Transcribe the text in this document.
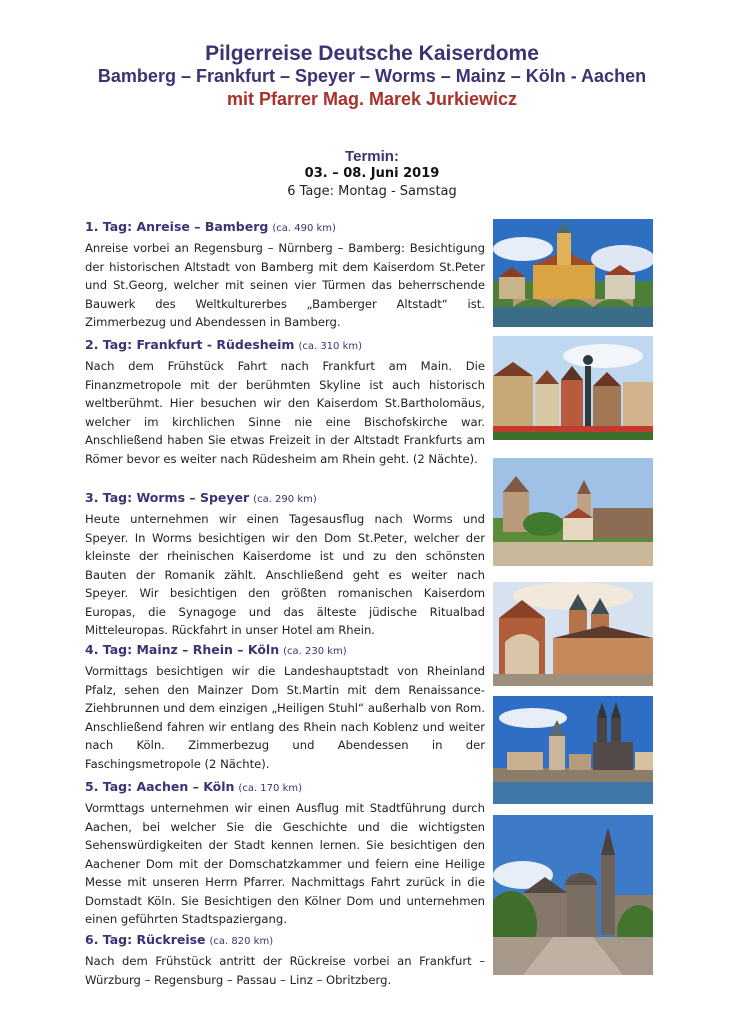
Pilgerreise Deutsche Kaiserdome
Bamberg – Frankfurt – Speyer – Worms – Mainz – Köln - Aachen
mit Pfarrer Mag. Marek Jurkiewicz
Termin:
03. – 08. Juni 2019
6 Tage: Montag - Samstag
1. Tag: Anreise – Bamberg (ca. 490 km)
Anreise vorbei an Regensburg – Nürnberg – Bamberg: Besichtigung der historischen Altstadt von Bamberg mit dem Kaiserdom St.Peter und St.Georg, welcher mit seinen vier Türmen das beherrschende Bauwerk des Weltkulturerbes „Bamberger Altstadt“ ist. Zimmerbezug und Abendessen in Bamberg.
2. Tag: Frankfurt - Rüdesheim (ca. 310 km)
Nach dem Frühstück Fahrt nach Frankfurt am Main. Die Finanzmetropole mit der berühmten Skyline ist auch historisch weltberühmt. Hier besuchen wir den Kaiserdom St.Bartholomäus, welcher im kirchlichen Sinne nie eine Bischofskirche war. Anschließend haben Sie etwas Freizeit in der Altstadt Frankfurts am Römer bevor es weiter nach Rüdesheim am Rhein geht. (2 Nächte).
3. Tag: Worms – Speyer (ca. 290 km)
Heute unternehmen wir einen Tagesausflug nach Worms und Speyer. In Worms besichtigen wir den Dom St.Peter, welcher der kleinste der rheinischen Kaiserdome ist und zu den schönsten Bauten der Romanik zählt. Anschließend geht es weiter nach Speyer. Wir besichtigen den größten romanischen Kaiserdom Europas, die Synagoge und das älteste jüdische Ritualbad Mitteleuropas. Rückfahrt in unser Hotel am Rhein.
4. Tag: Mainz – Rhein – Köln (ca. 230 km)
Vormittags besichtigen wir die Landeshauptstadt von Rheinland Pfalz, sehen den Mainzer Dom St.Martin mit dem Renaissance-Ziehbrunnen und dem einzigen „Heiligen Stuhl“ außerhalb von Rom. Anschließend fahren wir entlang des Rhein nach Koblenz und weiter nach Köln. Zimmerbezug und Abendessen in der Faschingsmetropole (2 Nächte).
5. Tag: Aachen – Köln (ca. 170 km)
Vormttags unternehmen wir einen Ausflug mit Stadtführung durch Aachen, bei welcher Sie die Geschichte und die wichtigsten Sehenswürdigkeiten der Stadt kennen lernen. Sie besichtigen den Aachener Dom mit der Domschatzkammer und feiern eine Heilige Messe mit unseren Herrn Pfarrer. Nachmittags Fahrt zurück in die Domstadt Köln. Sie Besichtigen den Kölner Dom und unternehmen einen geführten Stadtspaziergang.
6. Tag: Rückreise (ca. 820 km)
Nach dem Frühstück antritt der Rückreise vorbei an Frankfurt – Würzburg – Regensburg – Passau – Linz – Obritzberg.
